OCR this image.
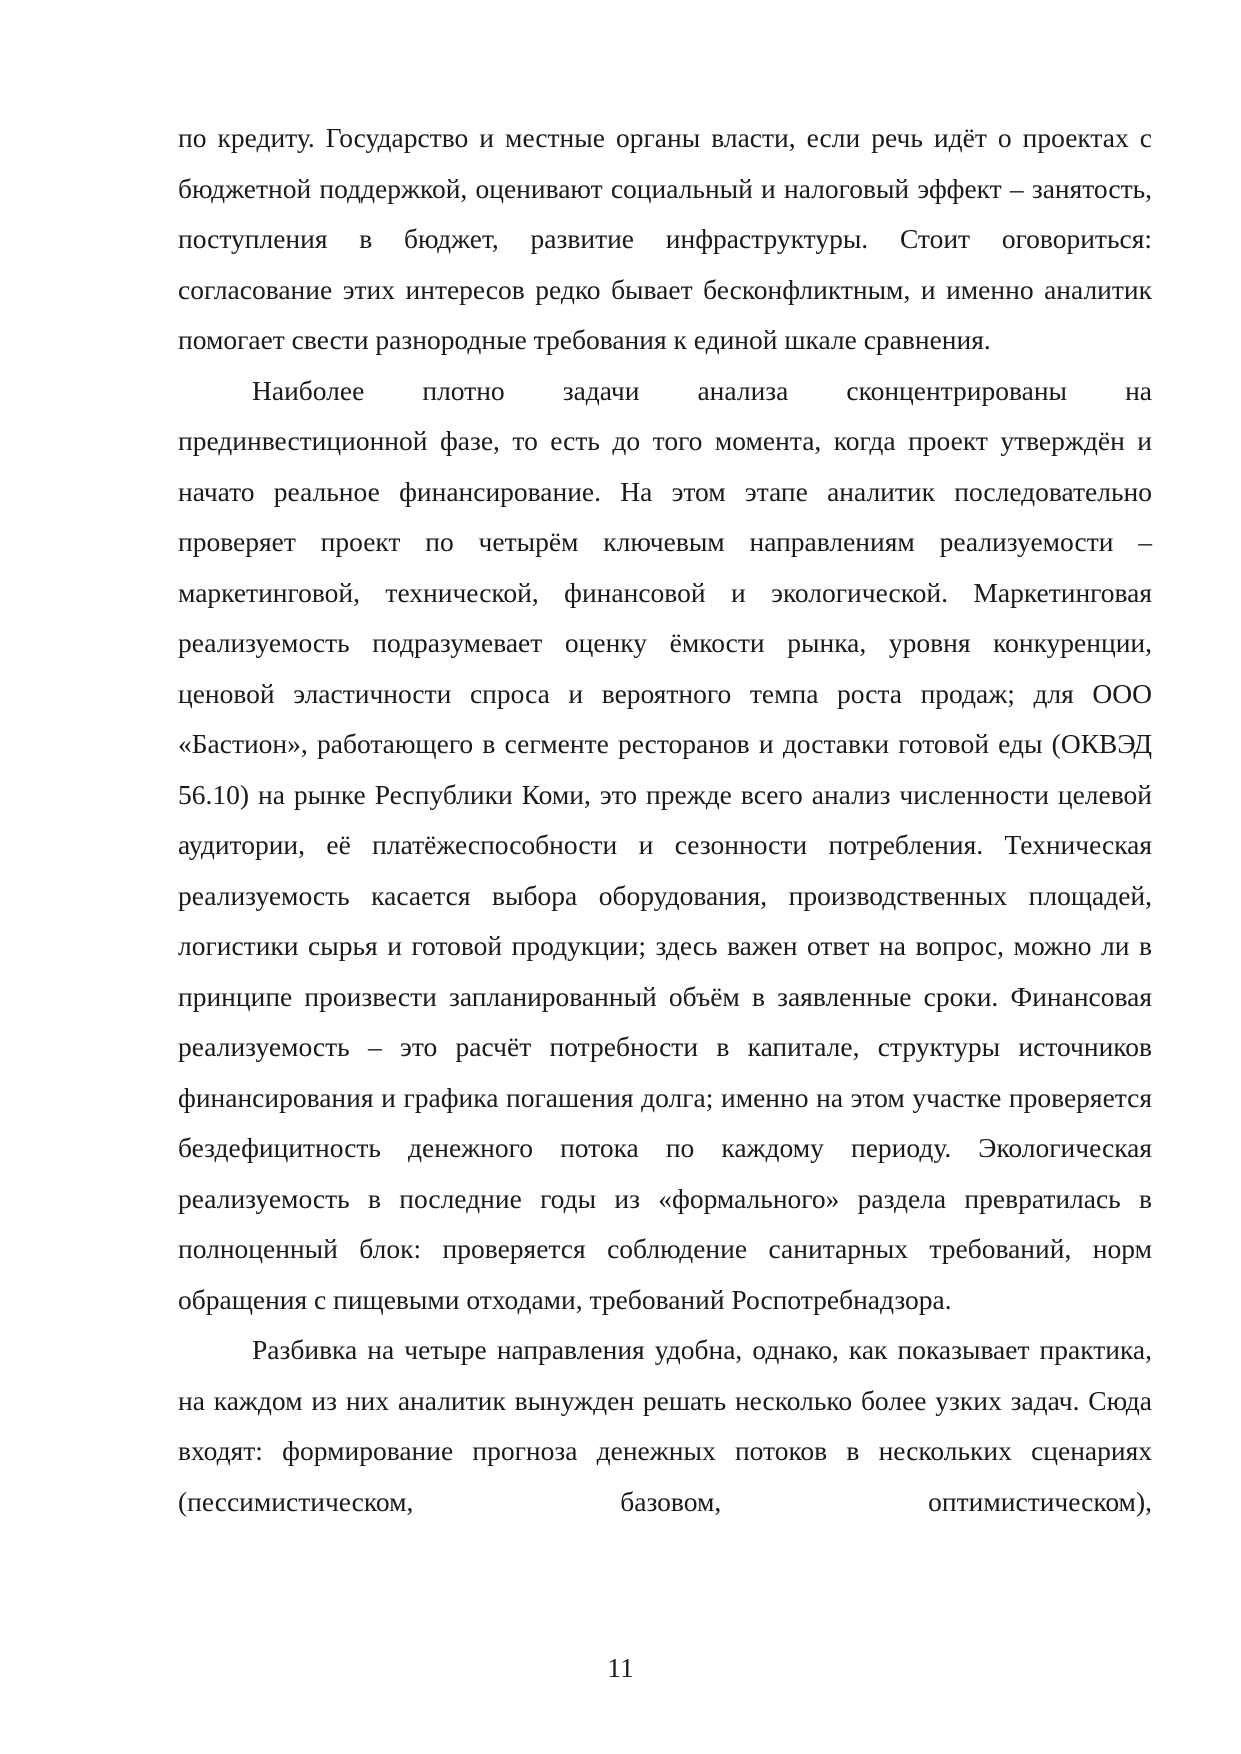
по кредиту. Государство и местные органы власти, если речь идёт о проектах с бюджетной поддержкой, оценивают социальный и налоговый эффект – занятость, поступления в бюджет, развитие инфраструктуры. Стоит оговориться: согласование этих интересов редко бывает бесконфликтным, и именно аналитик помогает свести разнородные требования к единой шкале сравнения.

Наиболее плотно задачи анализа сконцентрированы на прединвестиционной фазе, то есть до того момента, когда проект утверждён и начато реальное финансирование. На этом этапе аналитик последовательно проверяет проект по четырём ключевым направлениям реализуемости – маркетинговой, технической, финансовой и экологической. Маркетинговая реализуемость подразумевает оценку ёмкости рынка, уровня конкуренции, ценовой эластичности спроса и вероятного темпа роста продаж; для ООО «Бастион», работающего в сегменте ресторанов и доставки готовой еды (ОКВЭД 56.10) на рынке Республики Коми, это прежде всего анализ численности целевой аудитории, её платёжеспособности и сезонности потребления. Техническая реализуемость касается выбора оборудования, производственных площадей, логистики сырья и готовой продукции; здесь важен ответ на вопрос, можно ли в принципе произвести запланированный объём в заявленные сроки. Финансовая реализуемость – это расчёт потребности в капитале, структуры источников финансирования и графика погашения долга; именно на этом участке проверяется бездефицитность денежного потока по каждому периоду. Экологическая реализуемость в последние годы из «формального» раздела превратилась в полноценный блок: проверяется соблюдение санитарных требований, норм обращения с пищевыми отходами, требований Роспотребнадзора.

Разбивка на четыре направления удобна, однако, как показывает практика, на каждом из них аналитик вынужден решать несколько более узких задач. Сюда входят: формирование прогноза денежных потоков в нескольких сценариях (пессимистическом, базовом, оптимистическом),

11
